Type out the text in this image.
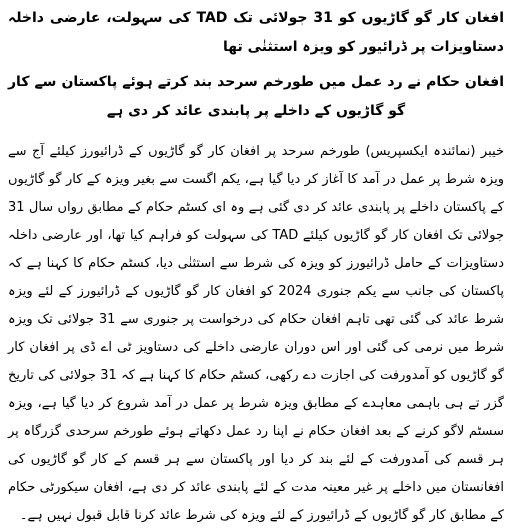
افغان کار گو گاڑیوں کو 31 جولائی تک TAD کی سہولت، عارضی داخلہ دستاویزات پر ڈرائیور کو ویزہ استثنٰی تھا

افغان حکام نے رد عمل میں طورخم سرحد بند کرتے ہوئے پاکستان سے کار گو گاڑیوں کے داخلے پر پابندی عائد کر دی ہے

خیبر (نمائندہ ایکسپریس) طورخم سرحد پر افغان کار گو گاڑیوں کے ڈرائیورز کیلئے آج سے ویزہ شرط پر عمل در آمد کا آغاز کر دیا گیا ہے، یکم اگست سے بغیر ویزہ کے کار گو گاڑیوں کے پاکستان داخلے پر پابندی عائد کر دی گئی ہے وہ ای کسٹم حکام کے مطابق رواں سال 31 جولائی تک افغان کار گو گاڑیوں کیلئے TAD کی سہولت کو فراہم کیا تھا، اور عارضی داخلہ دستاویزات کے حامل ڈرائیورز کو ویزہ کی شرط سے استثنٰی دیا، کسٹم حکام کا کہنا ہے کہ پاکستان کی جانب سے یکم جنوری 2024 کو افغان کار گو گاڑیوں کے ڈرائیورز کے لئے ویزہ شرط عائد کی گئی تھی تاہم افغان حکام کی درخواست پر جنوری سے 31 جولائی تک ویزہ شرط میں نرمی کی گئی اور اس دوران عارضی داخلے کی دستاویز ٹی اے ڈی پر افغان کار گو گاڑیوں کو آمدورفت کی اجازت دے رکھی، کسٹم حکام کا کہنا ہے کہ 31 جولائی کی تاریخ گزر تے ہی باہمی معاہدے کے مطابق ویزہ شرط پر عمل در آمد شروع کر دیا گیا ہے، ویزہ سسٹم لاگو کرنے کے بعد افغان حکام نے اپنا رد عمل دکھاتے ہوئے طورخم سرحدی گزرگاہ پر ہر قسم کی آمدورفت کے لئے بند کر دیا اور پاکستان سے ہر قسم کے کار گو گاڑیوں کی افغانستان میں داخلے پر غیر معینہ مدت کے لئے پابندی عائد کر دی ہے، افغان سیکورٹی حکام کے مطابق کار گو گاڑیوں کے ڈرائیورز کے لئے ویزہ کی شرط عائد کرنا قابل قبول نہیں ہے۔
